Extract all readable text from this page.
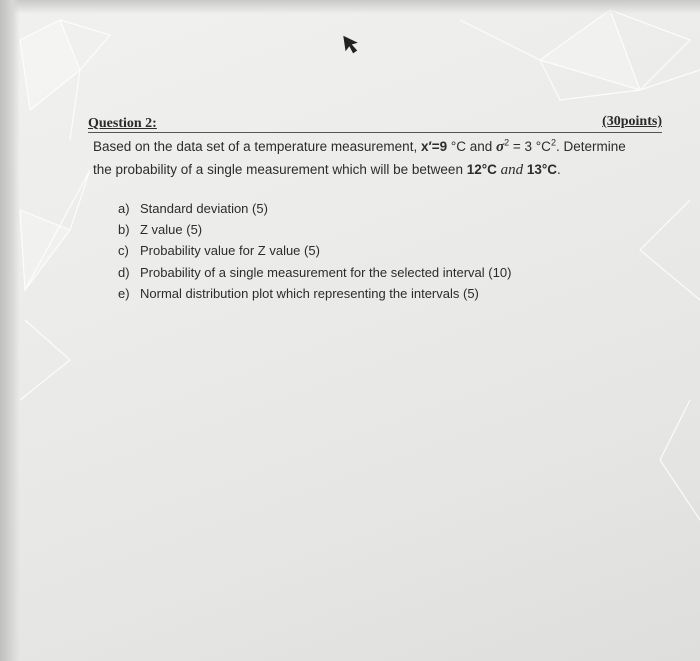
Question 2:	(30points)
Based on the data set of a temperature measurement, x′=9 °C and $\sigma^2 = 3$ $^\circ C^2$. Determine
the probability of a single measurement which will be between 12°C and 13°C.
a) Standard deviation (5)
b) Z value (5)
c) Probability value for Z value (5)
d) Probability of a single measurement for the selected interval (10)
e) Normal distribution plot which representing the intervals (5)
